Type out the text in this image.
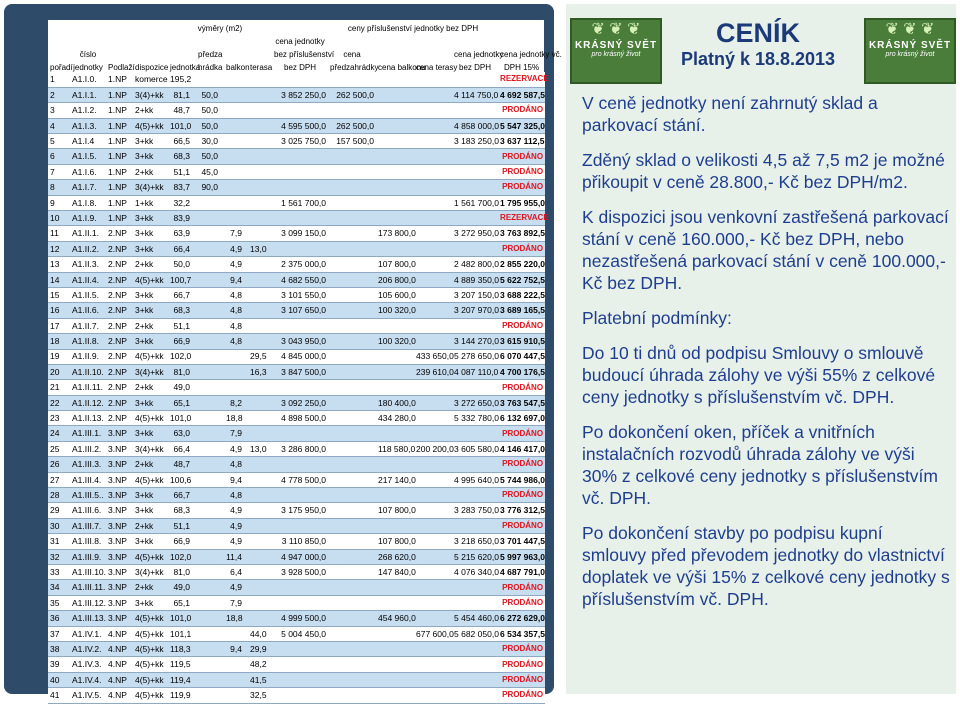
				výměry (m2)					ceny příslušenství jednotky bez DPH				
								cena jednotky					
	číslo				předza			bez příslušenství	cena			cena jednotky	cena jednotky vč.
pořadí	jednotky	Podlaží	dispozice	jednotka	hrádka	balkon	terasa	bez DPH	předzahrádky	cena balkonu	cena terasy	bez DPH	DPH 15%
1	A1.I.0.	1.NP	komerce	195,2									REZERVACE
2	A1.I.1.	1.NP	3(4)+kk	81,1	50,0			3 852 250,0	262 500,0			4 114 750,0	4 692 587,5
3	A1.I.2.	1.NP	2+kk	48,7	50,0								PRODÁNO
4	A1.I.3.	1.NP	4(5)+kk	101,0	50,0			4 595 500,0	262 500,0			4 858 000,0	5 547 325,0
5	A1.I.4	1.NP	3+kk	66,5	30,0			3 025 750,0	157 500,0			3 183 250,0	3 637 112,5
6	A1.I.5.	1.NP	3+kk	68,3	50,0								PRODÁNO
7	A1.I.6.	1.NP	2+kk	51,1	45,0								PRODÁNO
8	A1.I.7.	1.NP	3(4)+kk	83,7	90,0								PRODÁNO
9	A1.I.8.	1.NP	1+kk	32,2				1 561 700,0				1 561 700,0	1 795 955,0
10	A1.I.9.	1.NP	3+kk	83,9									REZERVACE
11	A1.II.1.	2.NP	3+kk	63,9		7,9		3 099 150,0		173 800,0		3 272 950,0	3 763 892,5
12	A1.II.2.	2.NP	3+kk	66,4		4,9	13,0						PRODÁNO
13	A1.II.3.	2.NP	2+kk	50,0		4,9		2 375 000,0		107 800,0		2 482 800,0	2 855 220,0
14	A1.II.4.	2.NP	4(5)+kk	100,7		9,4		4 682 550,0		206 800,0		4 889 350,0	5 622 752,5
15	A1.II.5.	2.NP	3+kk	66,7		4,8		3 101 550,0		105 600,0		3 207 150,0	3 688 222,5
16	A1.II.6.	2.NP	3+kk	68,3		4,8		3 107 650,0		100 320,0		3 207 970,0	3 689 165,5
17	A1.II.7.	2.NP	2+kk	51,1		4,8							PRODÁNO
18	A1.II.8.	2.NP	3+kk	66,9		4,8		3 043 950,0		100 320,0		3 144 270,0	3 615 910,5
19	A1.II.9.	2.NP	4(5)+kk	102,0			29,5	4 845 000,0			433 650,0	5 278 650,0	6 070 447,5
20	A1.II.10.	2.NP	3(4)+kk	81,0			16,3	3 847 500,0			239 610,0	4 087 110,0	4 700 176,5
21	A1.II.11.	2.NP	2+kk	49,0									PRODÁNO
22	A1.II.12.	2.NP	3+kk	65,1		8,2		3 092 250,0		180 400,0		3 272 650,0	3 763 547,5
23	A1.II.13.	2.NP	4(5)+kk	101,0		18,8		4 898 500,0		434 280,0		5 332 780,0	6 132 697,0
24	A1.III.1.	3.NP	3+kk	63,0		7,9							PRODÁNO
25	A1.III.2.	3.NP	3(4)+kk	66,4		4,9	13,0	3 286 800,0		118 580,0	200 200,0	3 605 580,0	4 146 417,0
26	A1.III.3.	3.NP	2+kk	48,7		4,8							PRODÁNO
27	A1.III.4.	3.NP	4(5)+kk	100,6		9,4		4 778 500,0		217 140,0		4 995 640,0	5 744 986,0
28	A1.III.5..	3.NP	3+kk	66,7		4,8							PRODÁNO
29	A1.III.6.	3.NP	3+kk	68,3		4,9		3 175 950,0		107 800,0		3 283 750,0	3 776 312,5
30	A1.III.7.	3.NP	2+kk	51,1		4,9							PRODÁNO
31	A1.III.8.	3.NP	3+kk	66,9		4,9		3 110 850,0		107 800,0		3 218 650,0	3 701 447,5
32	A1.III.9.	3.NP	4(5)+kk	102,0		11,4		4 947 000,0		268 620,0		5 215 620,0	5 997 963,0
33	A1.III.10.	3.NP	3(4)+kk	81,0		6,4		3 928 500,0		147 840,0		4 076 340,0	4 687 791,0
34	A1.III.11.	3.NP	2+kk	49,0		4,9							PRODÁNO
35	A1.III.12.	3.NP	3+kk	65,1		7,9							PRODÁNO
36	A1.III.13.	3.NP	4(5)+kk	101,0		18,8		4 999 500,0		454 960,0		5 454 460,0	6 272 629,0
37	A1.IV.1.	4.NP	4(5)+kk	101,1			44,0	5 004 450,0			677 600,0	5 682 050,0	6 534 357,5
38	A1.IV.2.	4.NP	4(5)+kk	118,3		9,4	29,9						PRODÁNO
39	A1.IV.3.	4.NP	4(5)+kk	119,5			48,2						PRODÁNO
40	A1.IV.4.	4.NP	4(5)+kk	119,4			41,5						PRODÁNO
41	A1.IV.5.	4.NP	4(5)+kk	119,9			32,5						PRODÁNO
❦ ❦ ❦
KRÁSNÝ SVĚT
pro krásný život
❦ ❦ ❦
KRÁSNÝ SVĚT
pro krásný život
CENÍK
Platný k 18.8.2013

V ceně jednotky není zahrnutý sklad a parkovací stání.

Zděný sklad o velikosti 4,5 až 7,5 m2 je možné přikoupit v ceně 28.800,- Kč bez DPH/m2.

K dispozici jsou venkovní zastřešená parkovací stání v ceně 160.000,- Kč bez DPH, nebo nezastřešená parkovací stání v ceně 100.000,- Kč bez DPH.

Platební podmínky:

Do 10 ti dnů od podpisu Smlouvy o smlouvě budoucí úhrada zálohy ve výši 55% z celkové ceny jednotky s příslušenstvím vč. DPH.

Po dokončení oken, příček a vnitřních instalačních rozvodů úhrada zálohy ve výši 30% z celkové ceny jednotky s příslušenstvím vč. DPH.

Po dokončení stavby po podpisu kupní smlouvy před převodem jednotky do vlastnictví doplatek ve výši 15% z celkové ceny jednotky s příslušenstvím vč. DPH.
